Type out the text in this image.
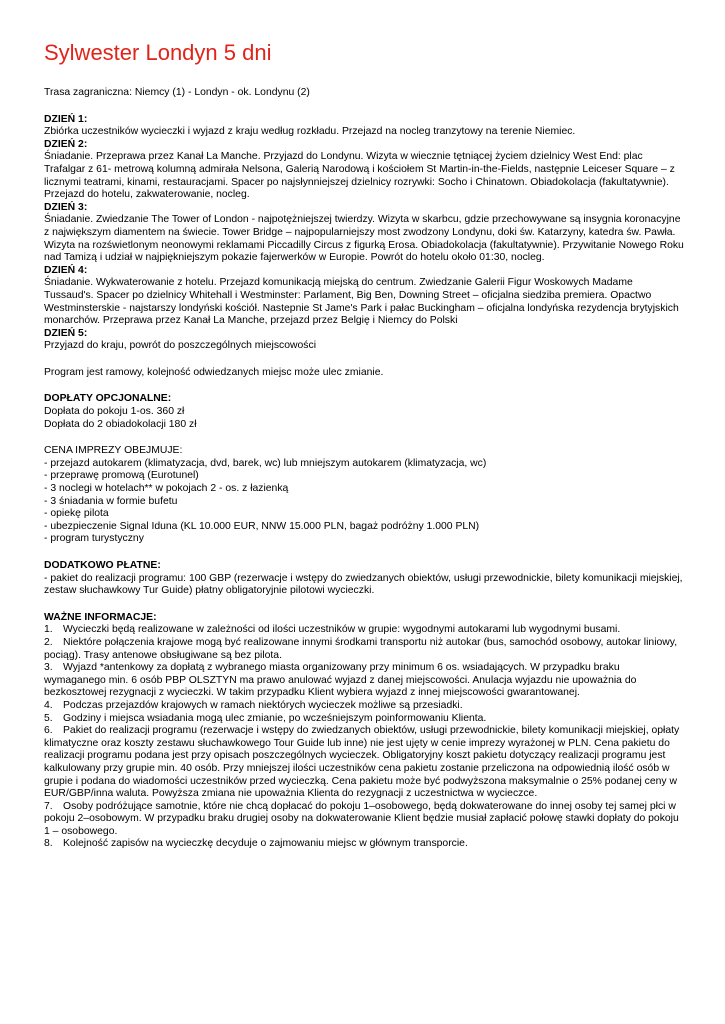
Sylwester Londyn 5 dni

Trasa zagraniczna: Niemcy (1) - Londyn - ok. Londynu (2)

DZIEŃ 1:

Zbiórka uczestników wycieczki i wyjazd z kraju według rozkładu. Przejazd na nocleg tranzytowy na terenie Niemiec.

DZIEŃ 2:

Śniadanie. Przeprawa przez Kanał La Manche. Przyjazd do Londynu. Wizyta w wiecznie tętniącej życiem dzielnicy West End: plac Trafalgar z 61- metrową kolumną admirała Nelsona, Galerią Narodową i kościołem St Martin-in-the-Fields, następnie Leiceser Square – z licznymi teatrami, kinami, restauracjami. Spacer po najsłynniejszej dzielnicy rozrywki: Socho i Chinatown. Obiadokolacja (fakultatywnie). Przejazd do hotelu, zakwaterowanie, nocleg.

DZIEŃ 3:

Śniadanie. Zwiedzanie The Tower of London - najpotężniejszej twierdzy. Wizyta w skarbcu, gdzie przechowywane są insygnia koronacyjne z największym diamentem na świecie. Tower Bridge – najpopularniejszy most zwodzony Londynu, doki św. Katarzyny, katedra św. Pawła. Wizyta na rozświetlonym neonowymi reklamami Piccadilly Circus z figurką Erosa. Obiadokolacja (fakultatywnie). Przywitanie Nowego Roku nad Tamizą i udział w najpiękniejszym pokazie fajerwerków w Europie. Powrót do hotelu około 01:30, nocleg.

DZIEŃ 4:

Śniadanie. Wykwaterowanie z hotelu. Przejazd komunikacją miejską do centrum. Zwiedzanie Galerii Figur Woskowych Madame Tussaud's. Spacer po dzielnicy Whitehall i Westminster: Parlament, Big Ben, Downing Street – oficjalna siedziba premiera. Opactwo Westminsterskie - najstarszy londyński kościół. Nastepnie St Jame's Park i pałac Buckingham – oficjalna londyńska rezydencja brytyjskich monarchów. Przeprawa przez Kanał La Manche, przejazd przez Belgię i Niemcy do Polski

DZIEŃ 5:

Przyjazd do kraju, powrót do poszczególnych miejscowości

Program jest ramowy, kolejność odwiedzanych miejsc może ulec zmianie.

DOPŁATY OPCJONALNE:

Dopłata do pokoju 1-os. 360 zł

Dopłata do 2 obiadokolacji 180 zł

CENA IMPREZY OBEJMUJE:

- przejazd autokarem (klimatyzacja, dvd, barek, wc) lub mniejszym autokarem (klimatyzacja, wc)

- przeprawę promową (Eurotunel)

- 3 noclegi w hotelach** w pokojach 2 - os. z łazienką

- 3 śniadania w formie bufetu

- opiekę pilota

- ubezpieczenie Signal Iduna (KL 10.000 EUR, NNW 15.000 PLN, bagaż podróżny 1.000 PLN)

- program turystyczny

DODATKOWO PŁATNE:

- pakiet do realizacji programu: 100 GBP (rezerwacje i wstępy do zwiedzanych obiektów, usługi przewodnickie, bilety komunikacji miejskiej, zestaw słuchawkowy Tur Guide) płatny obligatoryjnie pilotowi wycieczki.

WAŻNE INFORMACJE:

1. Wycieczki będą realizowane w zależności od ilości uczestników w grupie: wygodnymi autokarami lub wygodnymi busami.

2. Niektóre połączenia krajowe mogą być realizowane innymi środkami transportu niż autokar (bus, samochód osobowy, autokar liniowy, pociąg). Trasy antenowe obsługiwane są bez pilota.

3. Wyjazd *antenkowy za dopłatą z wybranego miasta organizowany przy minimum 6 os. wsiadających. W przypadku braku wymaganego min. 6 osób PBP OLSZTYN ma prawo anulować wyjazd z danej miejscowości. Anulacja wyjazdu nie upoważnia do bezkosztowej rezygnacji z wycieczki. W takim przypadku Klient wybiera wyjazd z innej miejscowości gwarantowanej.

4. Podczas przejazdów krajowych w ramach niektórych wycieczek możliwe są przesiadki.

5. Godziny i miejsca wsiadania mogą ulec zmianie, po wcześniejszym poinformowaniu Klienta.

6. Pakiet do realizacji programu (rezerwacje i wstępy do zwiedzanych obiektów, usługi przewodnickie, bilety komunikacji miejskiej, opłaty klimatyczne oraz koszty zestawu słuchawkowego Tour Guide lub inne) nie jest ujęty w cenie imprezy wyrażonej w PLN. Cena pakietu do realizacji programu podana jest przy opisach poszczególnych wycieczek. Obligatoryjny koszt pakietu dotyczący realizacji programu jest kalkulowany przy grupie min. 40 osób. Przy mniejszej ilości uczestników cena pakietu zostanie przeliczona na odpowiednią ilość osób w grupie i podana do wiadomości uczestników przed wycieczką. Cena pakietu może być podwyższona maksymalnie o 25% podanej ceny w EUR/GBP/inna waluta. Powyższa zmiana nie upoważnia Klienta do rezygnacji z uczestnictwa w wycieczce.

7. Osoby podróżujące samotnie, które nie chcą dopłacać do pokoju 1–osobowego, będą dokwaterowane do innej osoby tej samej płci w pokoju 2–osobowym. W przypadku braku drugiej osoby na dokwaterowanie Klient będzie musiał zapłacić połowę stawki dopłaty do pokoju 1 – osobowego.

8. Kolejność zapisów na wycieczkę decyduje o zajmowaniu miejsc w głównym transporcie.
